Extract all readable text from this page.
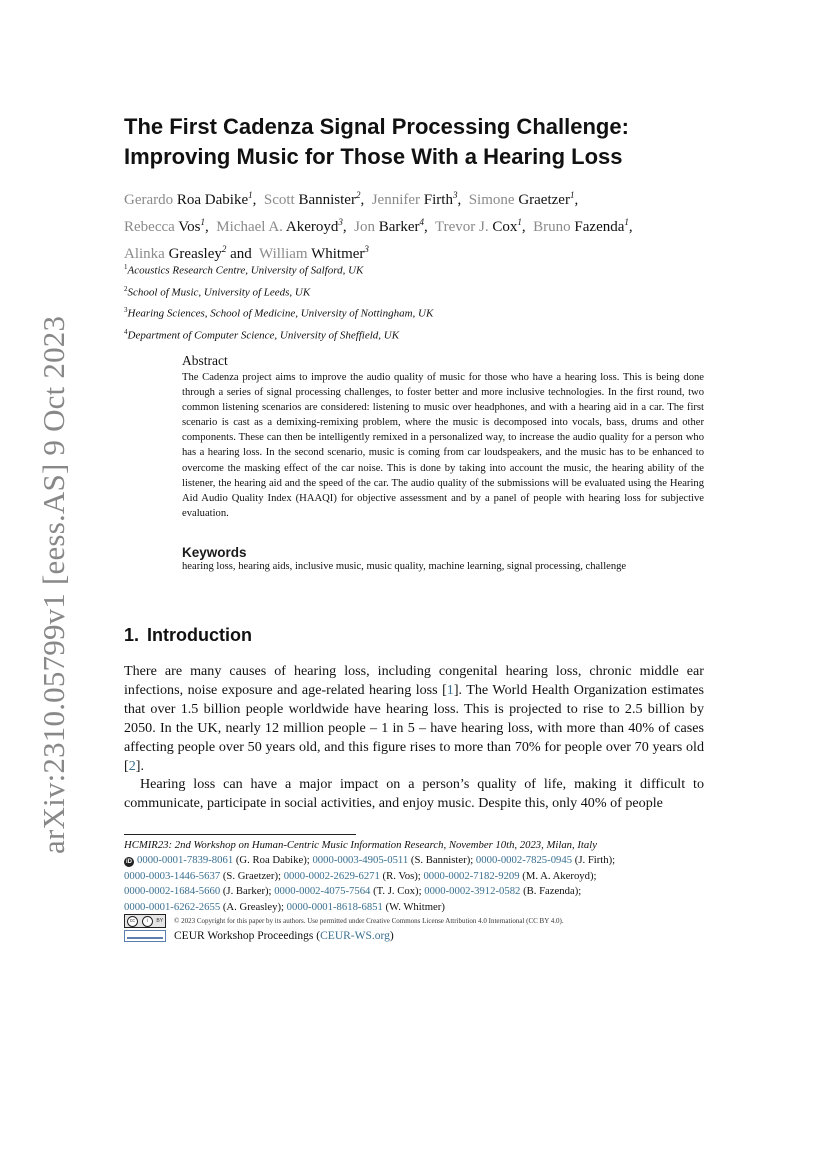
arXiv:2310.05799v1 [eess.AS] 9 Oct 2023
The First Cadenza Signal Processing Challenge:
Improving Music for Those With a Hearing Loss
Gerardo Roa Dabike$^1$,  Scott Bannister$^2$,  Jennifer Firth$^3$,  Simone Graetzer$^1$,
Rebecca Vos$^1$,  Michael A. Akeroyd$^3$,  Jon Barker$^4$,  Trevor J. Cox$^1$,  Bruno Fazenda$^1$,
Alinka Greasley$^2$ and William Whitmer$^3$
$^1$Acoustics Research Centre, University of Salford, UK
$^2$School of Music, University of Leeds, UK
$^3$Hearing Sciences, School of Medicine, University of Nottingham, UK
$^4$Department of Computer Science, University of Sheffield, UK
Abstract

The Cadenza project aims to improve the audio quality of music for those who have a hearing loss. This is being done through a series of signal processing challenges, to foster better and more inclusive technologies. In the first round, two common listening scenarios are considered: listening to music over headphones, and with a hearing aid in a car. The first scenario is cast as a demixing-remixing problem, where the music is decomposed into vocals, bass, drums and other components. These can then be intelligently remixed in a personalized way, to increase the audio quality for a person who has a hearing loss. In the second scenario, music is coming from car loudspeakers, and the music has to be enhanced to overcome the masking effect of the car noise. This is done by taking into account the music, the hearing ability of the listener, the hearing aid and the speed of the car. The audio quality of the submissions will be evaluated using the Hearing Aid Audio Quality Index (HAAQI) for objective assessment and by a panel of people with hearing loss for subjective evaluation.

Keywords

hearing loss, hearing aids, inclusive music, music quality, machine learning, signal processing, challenge

1. Introduction

There are many causes of hearing loss, including congenital hearing loss, chronic middle ear infections, noise exposure and age-related hearing loss [1]. The World Health Organization estimates that over 1.5 billion people worldwide have hearing loss. This is projected to rise to 2.5 billion by 2050. In the UK, nearly 12 million people – 1 in 5 – have hearing loss, with more than 40% of cases affecting people over 50 years old, and this figure rises to more than 70% for people over 70 years old [2].

Hearing loss can have a major impact on a person’s quality of life, making it difficult to communicate, participate in social activities, and enjoy music. Despite this, only 40% of people

HCMIR23: 2nd Workshop on Human-Centric Music Information Research, November 10th, 2023, Milan, Italy
iD 0000-0001-7839-8061 (G. Roa Dabike); 0000-0003-4905-0511 (S. Bannister); 0000-0002-7825-0945 (J. Firth);
0000-0003-1446-5637 (S. Graetzer); 0000-0002-2629-6271 (R. Vos); 0000-0002-7182-9209 (M. A. Akeroyd);
0000-0002-1684-5660 (J. Barker); 0000-0002-4075-7564 (T. J. Cox); 0000-0002-3912-0582 (B. Fazenda);
0000-0001-6262-2655 (A. Greasley); 0000-0001-8618-6851 (W. Whitmer)
cc	i	BY © 2023 Copyright for this paper by its authors. Use permitted under Creative Commons License Attribution 4.0 International (CC BY 4.0).
CEUR Workshop Proceedings ( CEUR-WS.org )
